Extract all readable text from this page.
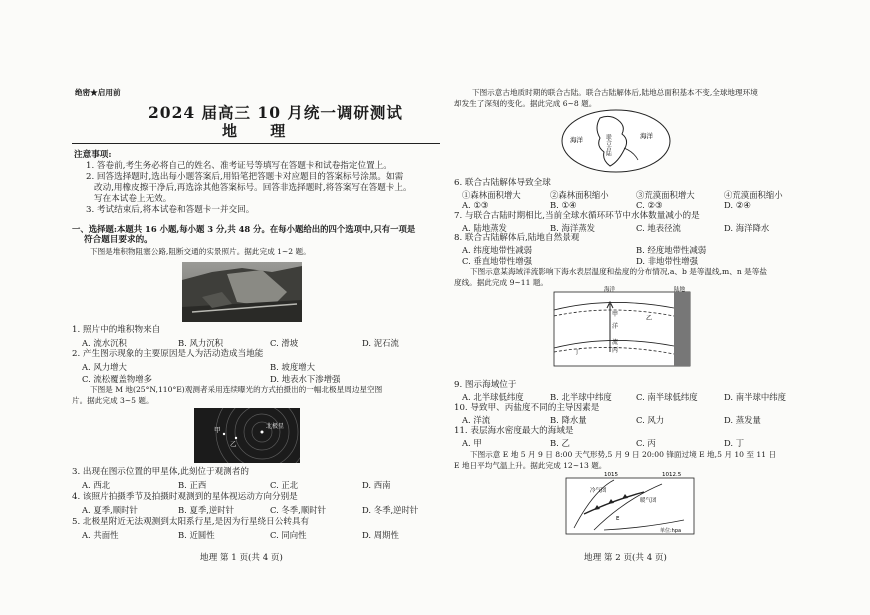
绝密★启用前
2024 届高三 10 月统一调研测试
地 理
注意事项:
1. 答卷前,考生务必将自己的姓名、准考证号等填写在答题卡和试卷指定位置上。
2. 回答选择题时,选出每小题答案后,用铅笔把答题卡对应题目的答案标号涂黑。如需
改动,用橡皮擦干净后,再选涂其他答案标号。回答非选择题时,将答案写在答题卡上。
写在本试卷上无效。
3. 考试结束后,将本试卷和答题卡一并交回。
一、选择题:本题共 16 小题,每小题 3 分,共 48 分。在每小题给出的四个选项中,只有一项是
符合题目要求的。
下图是堆积物阻塞公路,阻断交通的实景照片。据此完成 1~2 题。
1. 照片中的堆积物来自
A. 流水沉积	B. 风力沉积	C. 滑坡	D. 泥石流
2. 产生图示现象的主要原因是人为活动造成当地能
A. 风力增大	B. 坡度增大
C. 流松覆盖物增多	D. 地表水下渗增强
下图是 M 地(25°N,110°E)观测者采用连续曝光的方式拍摄出的一幅北极星周边星空图
片。据此完成 3~5 题。
甲
乙
北极星
3. 出现在图示位置的甲星体,此刻位于观测者的
A. 西北	B. 正西	C. 正北	D. 西南
4. 该照片拍摄季节及拍摄时观测到的星体视运动方向分别是
A. 夏季,顺时针	B. 夏季,逆时针	C. 冬季,顺时针	D. 冬季,逆时针
5. 北极星附近无法观测到太阳系行星,是因为行星绕日公转具有
A. 共面性	B. 近圆性	C. 同向性	D. 周期性
地理 第 1 页(共 4 页)
下图示意古地质时期的联合古陆。联合古陆解体后,陆地总面积基本不变,全球地理环境
却发生了深刻的变化。据此完成 6~8 题。
海洋	联合古陆	海洋
6. 联合古陆解体导致全球
①森林面积增大	②森林面积缩小	③荒漠面积增大	④荒漠面积缩小
A. ①③	B. ①④	C. ②③	D. ②④
7. 与联合古陆时期相比,当前全球水循环环节中水体数量减小的是
A. 陆地蒸发	B. 海洋蒸发	C. 地表径流	D. 海洋降水
8. 联合古陆解体后,陆地自然景观
A. 纬度地带性减弱	B. 经度地带性减弱
C. 垂直地带性增强	D. 非地带性增强
下图示意某海域洋流影响下海水表层温度和盐度的分布情况,a、b 是等温线,m、n 是等盐
度线。据此完成 9~11 题。
海洋	陆地
甲
乙
洋
流
丙
丁
9. 图示海域位于
A. 北半球低纬度	B. 北半球中纬度	C. 南半球低纬度	D. 南半球中纬度
10. 导致甲、丙盐度不同的主导因素是
A. 洋流	B. 降水量	C. 风力	D. 蒸发量
11. 表层海水密度最大的海域是
A. 甲	B. 乙	C. 丙	D. 丁
下图示意 E 地 5 月 9 日 8:00 天气形势,5 月 9 日 20:00 锋面过境 E 地,5 月 10 至 11 日
E 地日平均气温上升。据此完成 12~13 题。
1015	1012.5
冷气团
暖气团
E
单位:hpa
地理 第 2 页(共 4 页)
